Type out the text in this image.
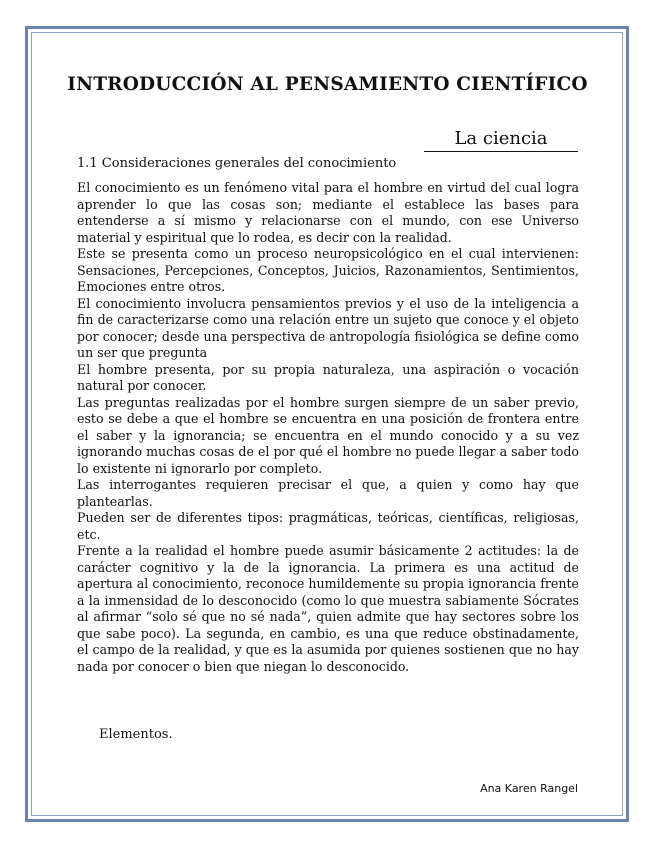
INTRODUCCIÓN AL PENSAMIENTO CIENTÍFICO
La ciencia
1.1 Consideraciones generales del conocimiento

El conocimiento es un fenómeno vital para el hombre en virtud del cual logra aprender lo que las cosas son; mediante el establece las bases para entenderse a sí mismo y relacionarse con el mundo, con ese Universo material y espiritual que lo rodea, es decir con la realidad.

Este se presenta como un proceso neuropsicológico en el cual intervienen: Sensaciones, Percepciones, Conceptos, Juicios, Razonamientos, Sentimientos, Emociones entre otros.

El conocimiento involucra pensamientos previos y el uso de la inteligencia a fin de caracterizarse como una relación entre un sujeto que conoce y el objeto por conocer; desde una perspectiva de antropología fisiológica se define como un ser que pregunta

El hombre presenta, por su propia naturaleza, una aspiración o vocación natural por conocer.

Las preguntas realizadas por el hombre surgen siempre de un saber previo, esto se debe a que el hombre se encuentra en una posición de frontera entre el saber y la ignorancia; se encuentra en el mundo conocido y a su vez ignorando muchas cosas de el por qué el hombre no puede llegar a saber todo lo existente ni ignorarlo por completo.

Las interrogantes requieren precisar el que, a quien y como hay que plantearlas.

Pueden ser de diferentes tipos: pragmáticas, teóricas, científicas, religiosas, etc.

Frente a la realidad el hombre puede asumir básicamente 2 actitudes: la de carácter cognitivo y la de la ignorancia. La primera es una actitud de apertura al conocimiento, reconoce humildemente su propia ignorancia frente a la inmensidad de lo desconocido (como lo que muestra sabiamente Sócrates al afirmar “solo sé que no sé nada”, quien admite que hay sectores sobre los que sabe poco). La segunda, en cambio, es una que reduce obstinadamente, el campo de la realidad, y que es la asumida por quienes sostienen que no hay nada por conocer o bien que niegan lo desconocido.

Elementos.
Ana Karen Rangel
